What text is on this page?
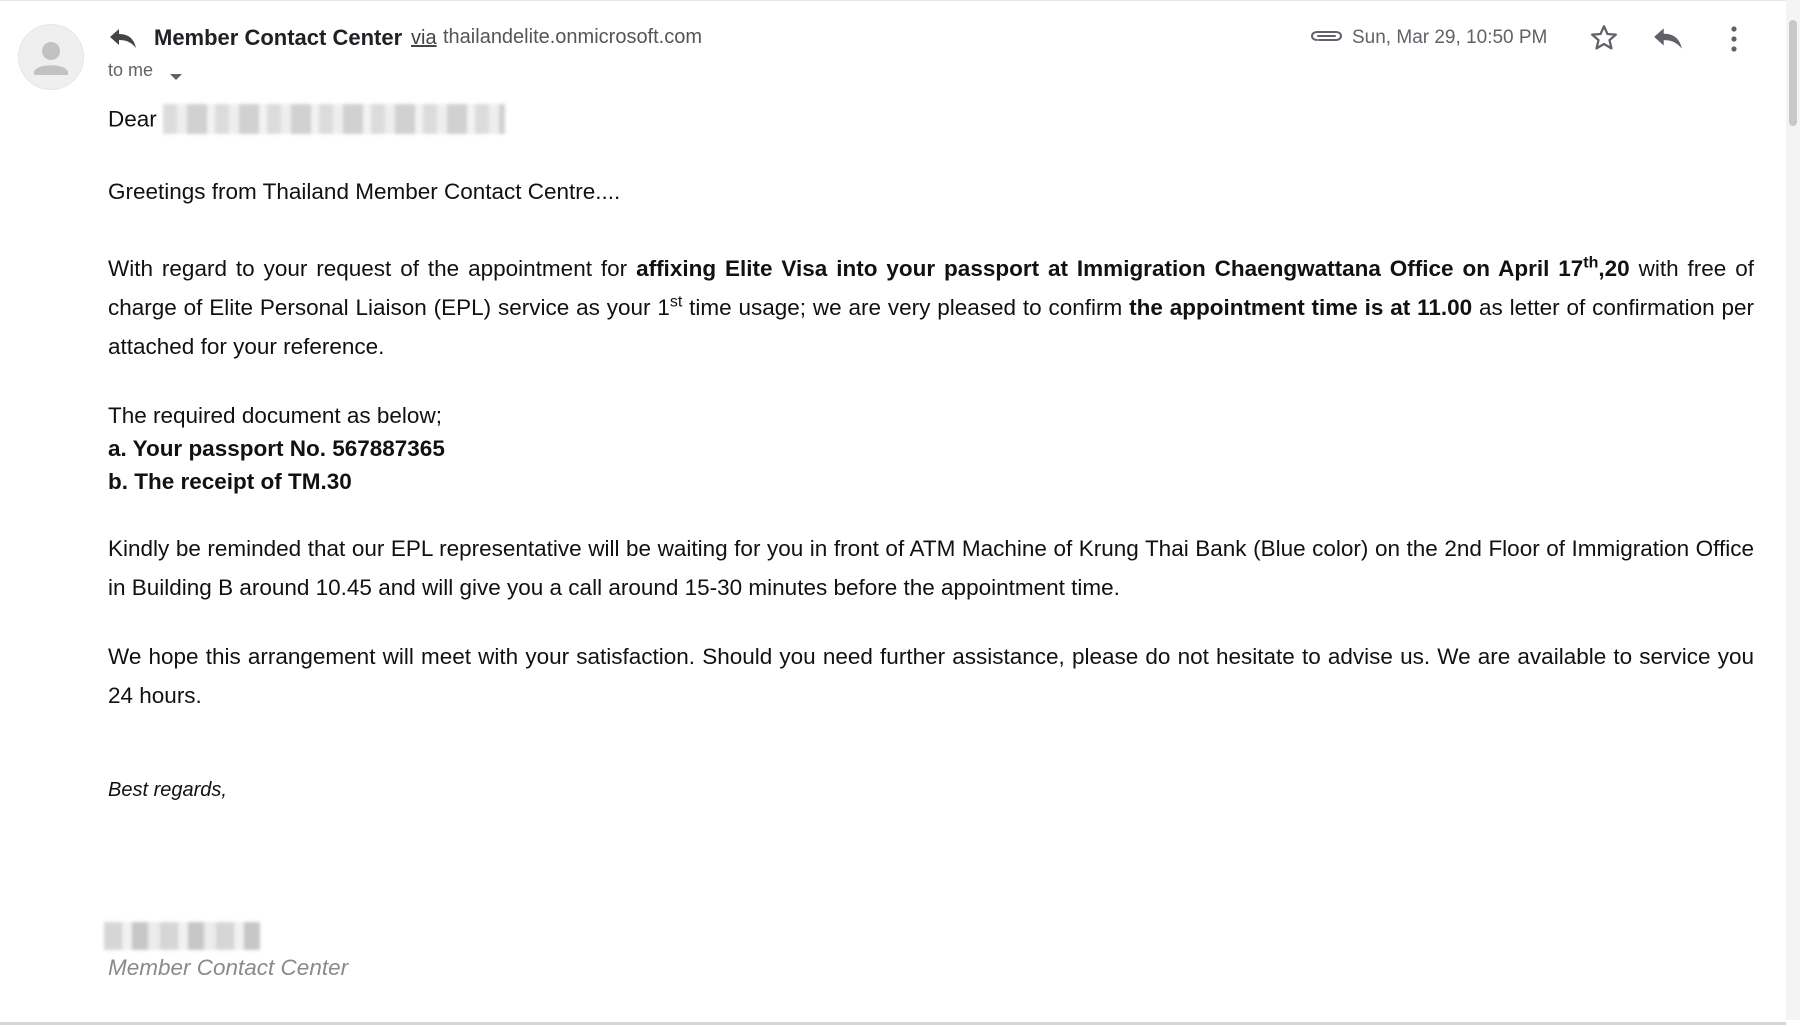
Member Contact Center via thailandelite.onmicrosoft.com
to me
Sun, Mar 29, 10:50 PM

Dear

Greetings from Thailand Member Contact Centre....

With regard to your request of the appointment for affixing Elite Visa into your passport at Immigration Chaengwattana Office on April 17th,20 with free of charge of Elite Personal Liaison (EPL) service as your 1st time usage; we are very pleased to confirm the appointment time is at 11.00 as letter of confirmation per attached for your reference.

The required document as below;

a. Your passport No. 567887365

b. The receipt of TM.30

Kindly be reminded that our EPL representative will be waiting for you in front of ATM Machine of Krung Thai Bank (Blue color) on the 2nd Floor of Immigration Office in Building B around 10.45 and will give you a call around 15-30 minutes before the appointment time.

We hope this arrangement will meet with your satisfaction. Should you need further assistance, please do not hesitate to advise us. We are available to service you 24 hours.

Best regards,

Member Contact Center
